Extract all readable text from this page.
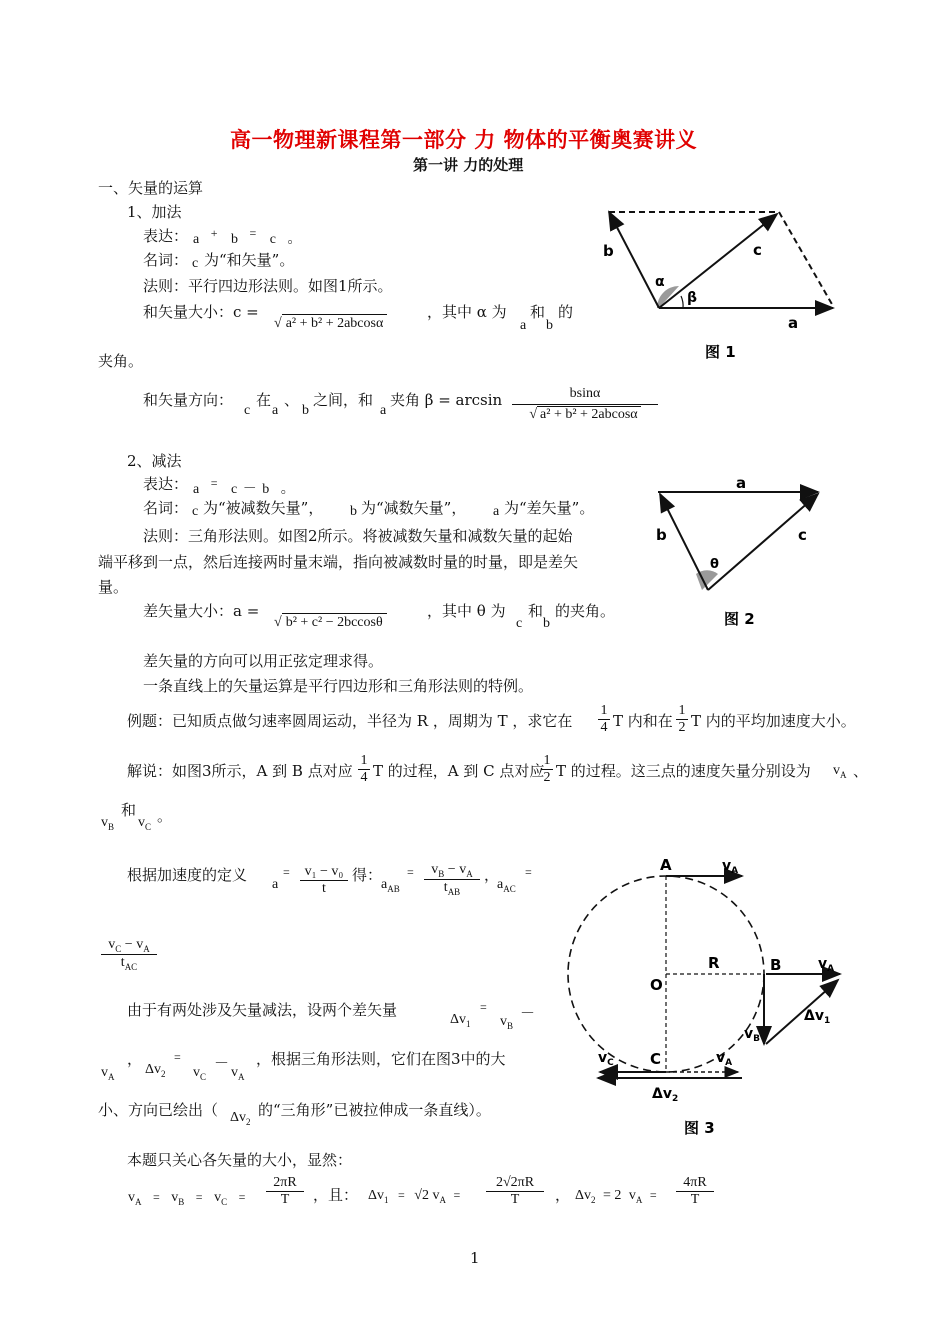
高一物理新课程第一部分 力 物体的平衡奥赛讲义
第一讲 力的处理
一、矢量的运算
1、加法
表达： a + b = c 。
名词： c 为“和矢量”。
法则：平行四边形法则。如图1所示。
和矢量大小：c =
√ a² + b² + 2abcosα
，其中 α 为
a
和
b
的
夹角。
和矢量方向：
c
在
a
、
b
之间，和
a
夹角 β = arcsin	bsinα
√ a² + b² + 2abcosα
2、减法
表达： a = c － b 。
名词： c 为“被减数矢量”， b 为“减数矢量”， a 为“差矢量”。
法则：三角形法则。如图2所示。将被减数矢量和减数矢量的起始
端平移到一点，然后连接两时量末端，指向被减数时量的时量，即是差矢
量。
差矢量大小：a =
√ b² + c² − 2bccosθ
，其中 θ 为
c
和
b
的夹角。
差矢量的方向可以用正弦定理求得。
一条直线上的矢量运算是平行四边形和三角形法则的特例。
例题：已知质点做匀速率圆周运动，半径为 R ，周期为 T ，求它在
1
4 T 内和在
1
2 T 内的平均加速度大小。
解说：如图3所示，A 到 B 点对应
1
4 T 的过程，A 到 C 点对应
1
2 T 的过程。这三点的速度矢量分别设为 $v_A$ 、
和
$v_B$ $v_C$
。
根据加速度的定义
a
=	v₁ − v₀
t
得：
$a_{AB}$
=	$v_B - v_A$
$t_{AB}$
，
$a_{AC}$
=
$v_C - v_A$
$t_{AC}$
由于有两处涉及矢量减法，设两个差矢量
$\Delta v_1$
=
$v_B$
－
$v_A$
，
$\Delta v_2$
=
$v_C$
－
$v_A$
，根据三角形法则，它们在图3中的大
小、方向已绘出（ $\Delta v_2$
的“三角形”已被拉伸成一条直线）。
本题只关心各矢量的大小，显然：
$v_A = v_B = v_C$ =
2πR
T	，且： $\Delta v_1 = √2$ $v_A$ =
2√2πR
T	， $\Delta v_2 = 2$ $v_A$ =
4πR
T
1
b	c
a
α
β
图 1
a
b	c
θ
图 2
A
B
C
O
R
$v_A$
$v_A$
$v_B$
$\Delta v_1$
$v_C$	$v_A$
$\Delta v_2$
图 3
